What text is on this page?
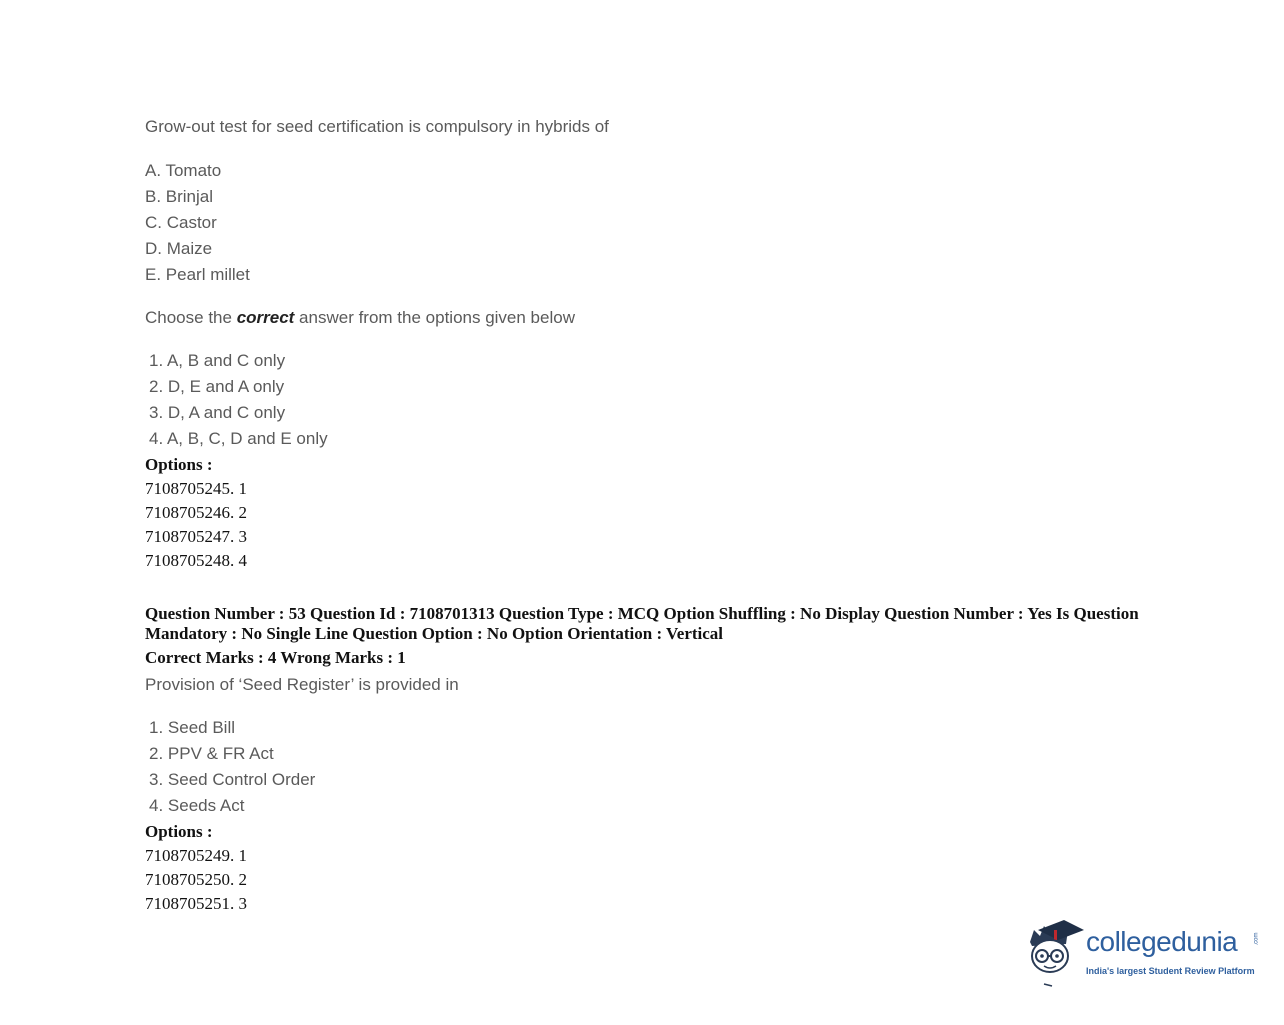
Grow-out test for seed certification is compulsory in hybrids of
A. Tomato
B. Brinjal
C. Castor
D. Maize
E. Pearl millet
Choose the correct answer from the options given below
1. A, B and C only
2. D, E and A only
3. D, A and C only
4. A, B, C, D and E only
Options :
7108705245. 1
7108705246. 2
7108705247. 3
7108705248. 4
Question Number : 53 Question Id : 7108701313 Question Type : MCQ Option Shuffling : No Display Question Number : Yes Is Question Mandatory : No Single Line Question Option : No Option Orientation : Vertical
Correct Marks : 4 Wrong Marks : 1
Provision of ‘Seed Register’ is provided in
1. Seed Bill
2. PPV & FR Act
3. Seed Control Order
4. Seeds Act
Options :
7108705249. 1
7108705250. 2
7108705251. 3
collegedunia	.com
India's largest Student Review Platform
